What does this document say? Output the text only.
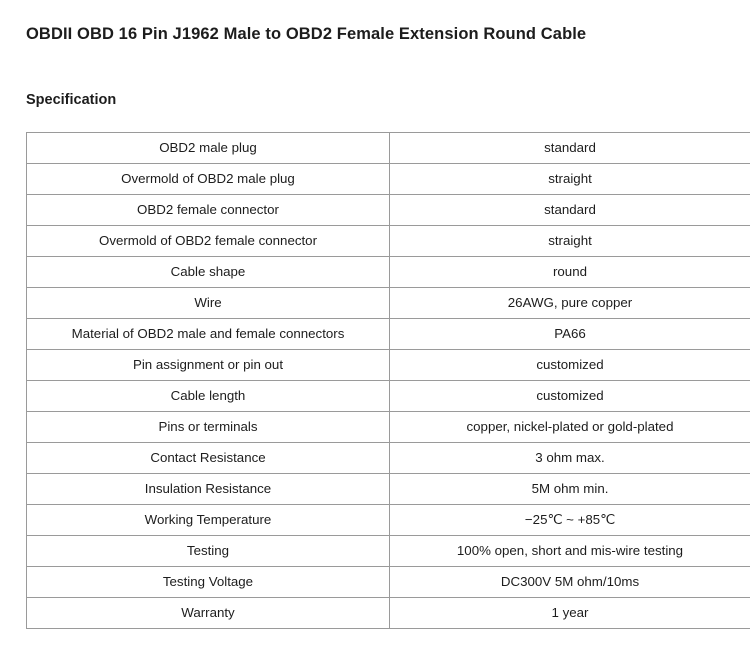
OBDII OBD 16 Pin J1962 Male to OBD2 Female Extension Round Cable
Specification
OBD2 male plug	standard
Overmold of OBD2 male plug	straight
OBD2 female connector	standard
Overmold of OBD2 female connector	straight
Cable shape	round
Wire	26AWG, pure copper
Material of OBD2 male and female connectors	PA66
Pin assignment or pin out	customized
Cable length	customized
Pins or terminals	copper, nickel-plated or gold-plated
Contact Resistance	3 ohm max.
Insulation Resistance	5M ohm min.
Working Temperature	−25℃ ~ +85℃
Testing	100% open, short and mis-wire testing
Testing Voltage	DC300V 5M ohm/10ms
Warranty	1 year
